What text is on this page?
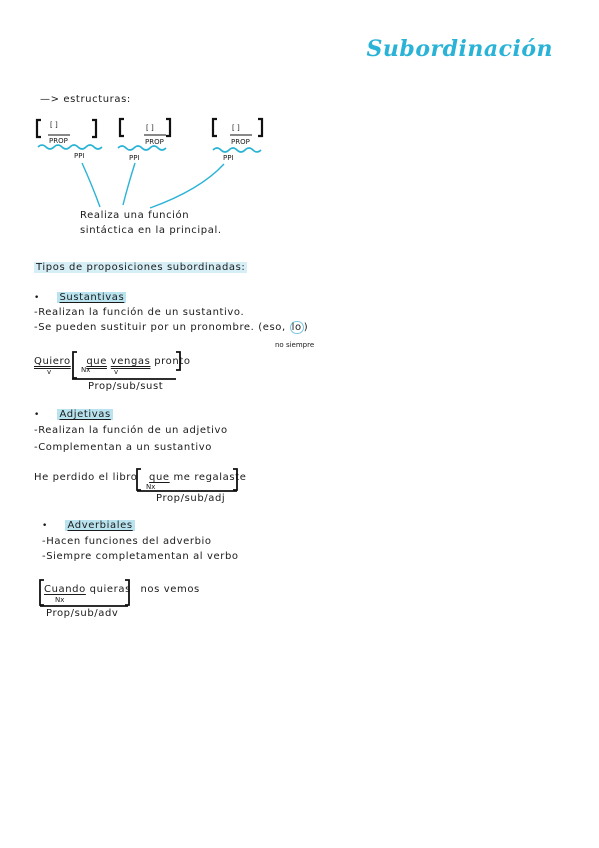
Subordinación
—> estructuras:
[ ]
PROP
[ ]
PROP
[ ]
PROP
PPI	PPI	PPI
Realiza una función
sintáctica en la principal.
Tipos de proposiciones subordinadas:
• Sustantivas
-Realizan la función de un sustantivo.
-Se pueden sustituir por un pronombre. (eso, lo )
no siempre
Quiero que vengas pronto
v	Nx	v
Prop/sub/sust
• Adjetivas
-Realizan la función de un adjetivo
-Complementan a un sustantivo
He perdido el libro que me regalaste
Nx
Prop/sub/adj
• Adverbiales
-Hacen funciones del adverbio
-Siempre completamentan al verbo
Cuando quieras nos vemos
Nx
Prop/sub/adv
